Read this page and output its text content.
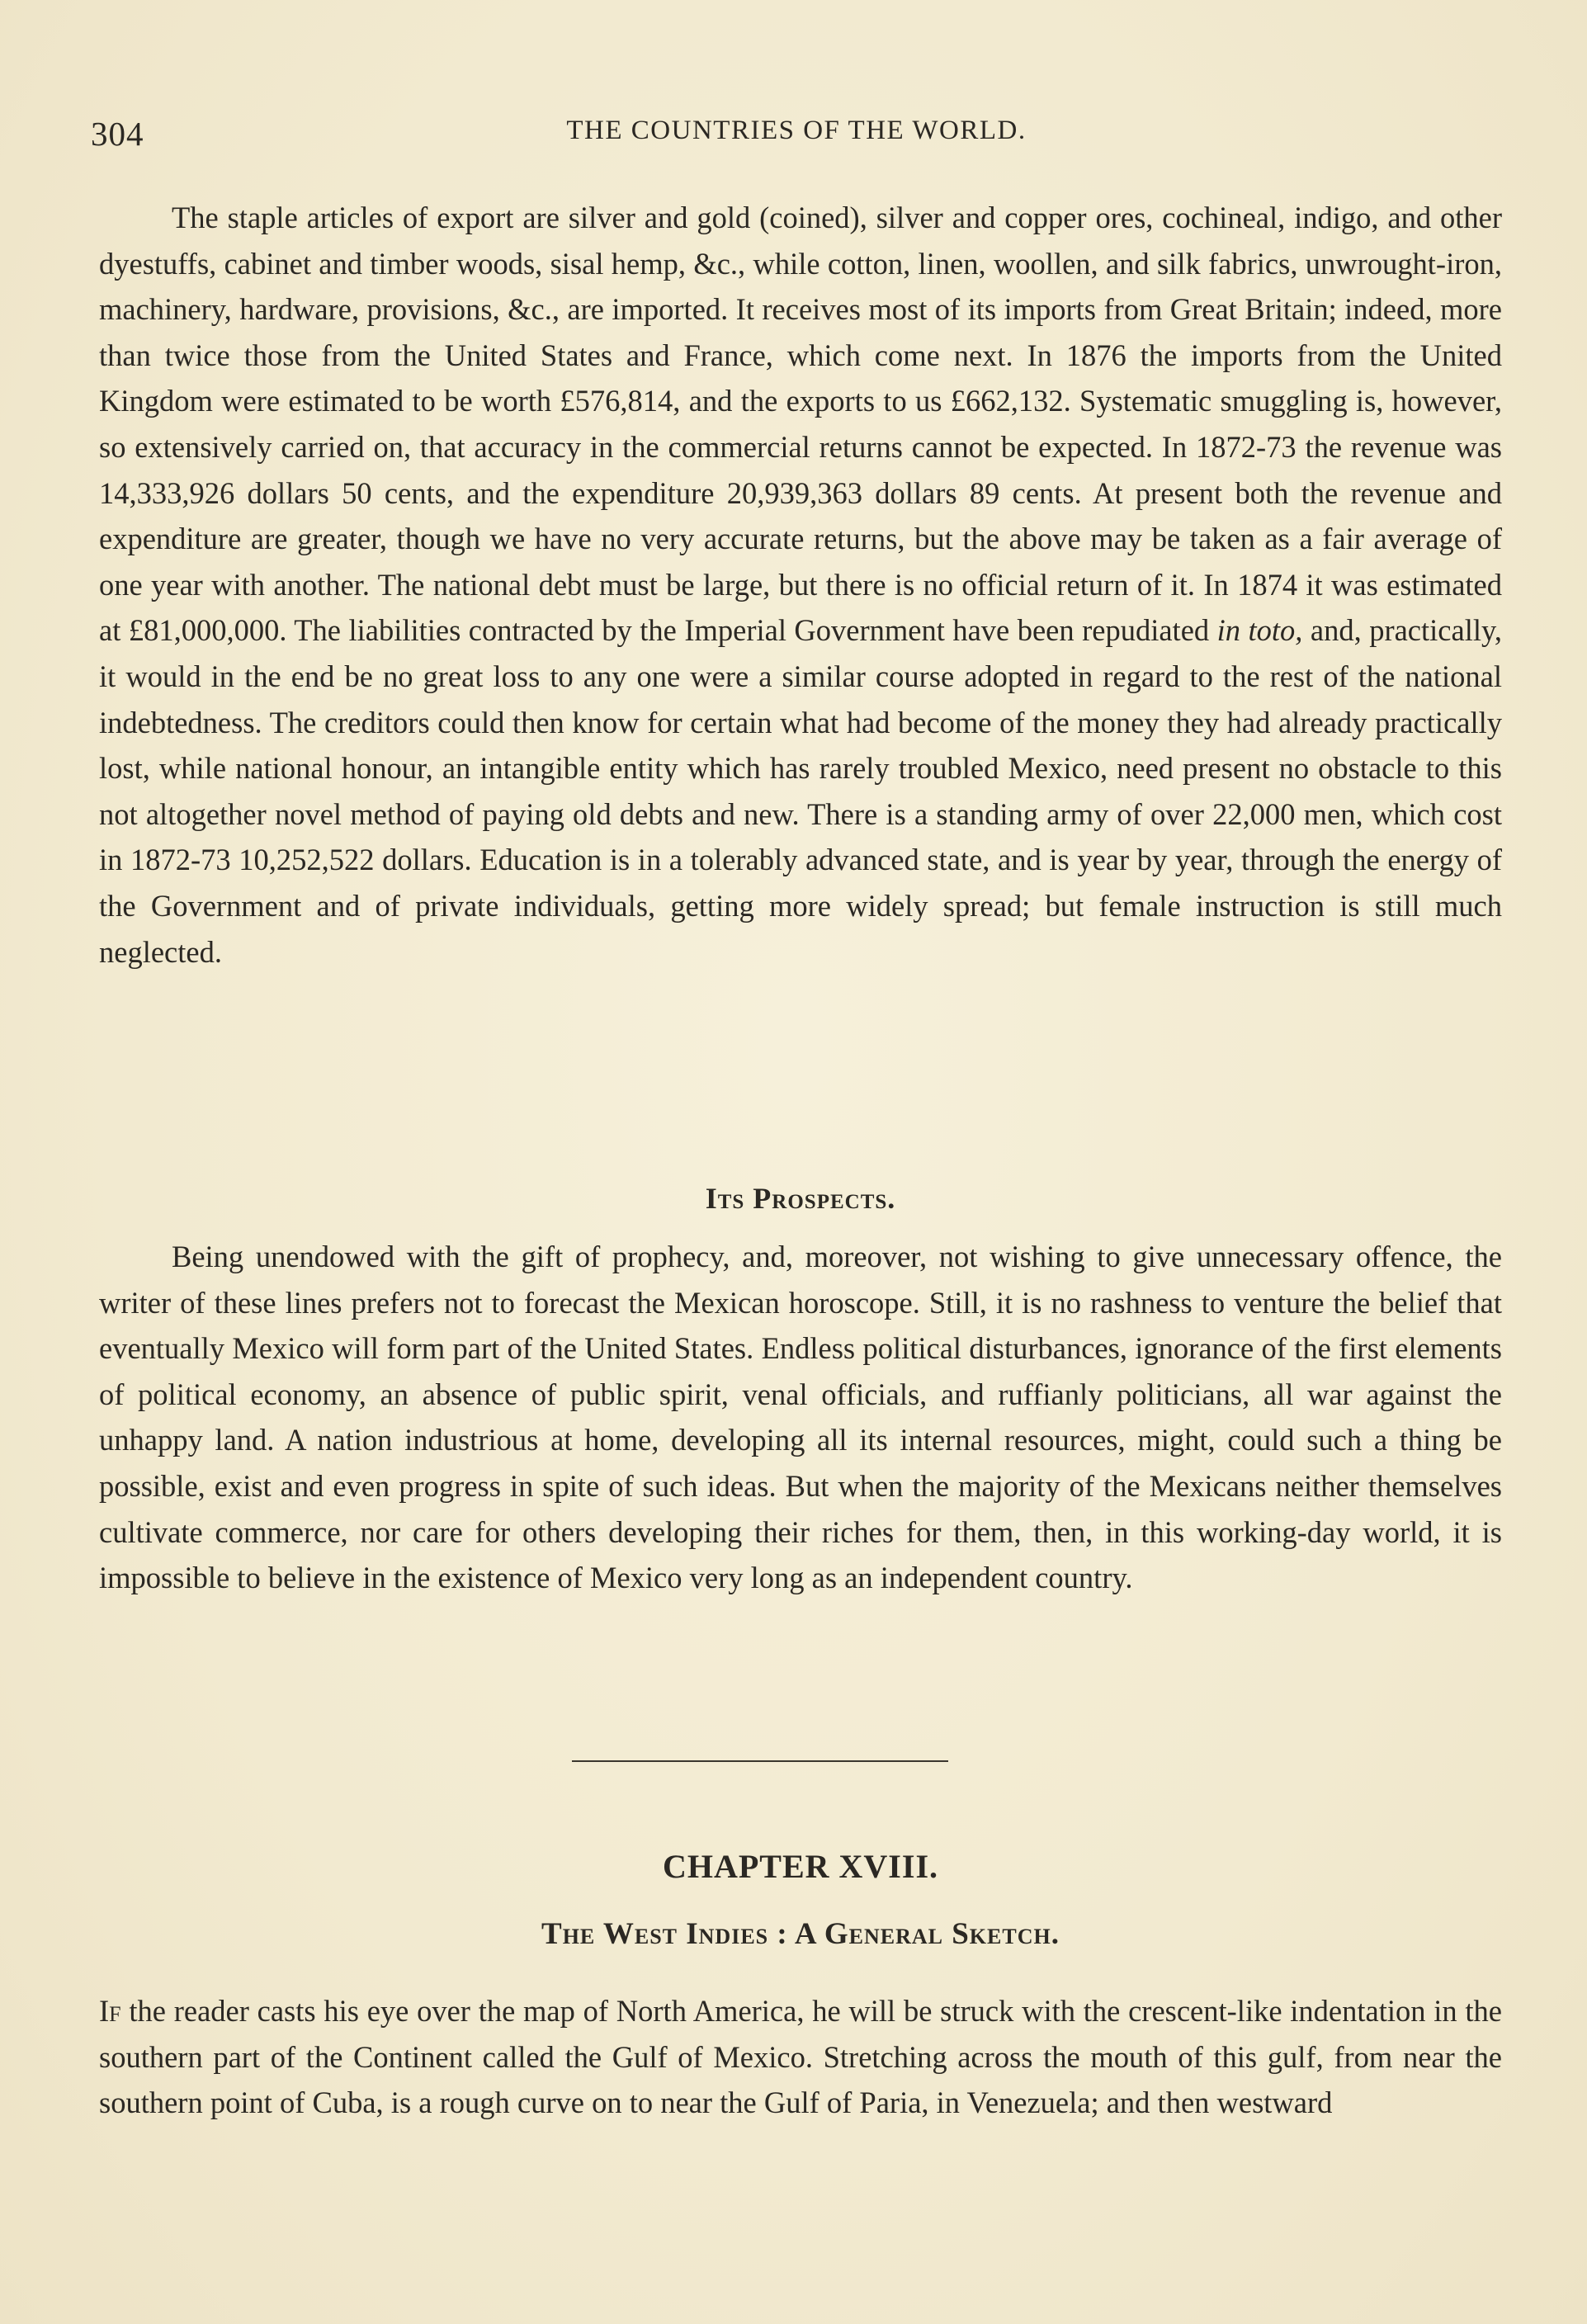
304	THE COUNTRIES OF THE WORLD.

The staple articles of export are silver and gold (coined), silver and copper ores, cochineal, indigo, and other dyestuffs, cabinet and timber woods, sisal hemp, &c., while cotton, linen, woollen, and silk fabrics, unwrought-iron, machinery, hardware, provisions, &c., are imported. It receives most of its imports from Great Britain; indeed, more than twice those from the United States and France, which come next. In 1876 the imports from the United Kingdom were estimated to be worth £576,814, and the exports to us £662,132. Systematic smuggling is, however, so extensively carried on, that accuracy in the commercial returns cannot be expected. In 1872-73 the revenue was 14,333,926 dollars 50 cents, and the expenditure 20,939,363 dollars 89 cents. At present both the revenue and expenditure are greater, though we have no very accurate returns, but the above may be taken as a fair average of one year with another. The national debt must be large, but there is no official return of it. In 1874 it was estimated at £81,000,000. The liabilities contracted by the Imperial Government have been repudiated in toto, and, practically, it would in the end be no great loss to any one were a similar course adopted in regard to the rest of the national indebtedness. The creditors could then know for certain what had become of the money they had already practically lost, while national honour, an intangible entity which has rarely troubled Mexico, need present no obstacle to this not altogether novel method of paying old debts and new. There is a standing army of over 22,000 men, which cost in 1872-73 10,252,522 dollars. Education is in a tolerably advanced state, and is year by year, through the energy of the Government and of private individuals, getting more widely spread; but female instruction is still much neglected.

Its Prospects.

Being unendowed with the gift of prophecy, and, moreover, not wishing to give unnecessary offence, the writer of these lines prefers not to forecast the Mexican horoscope. Still, it is no rashness to venture the belief that eventually Mexico will form part of the United States. Endless political disturbances, ignorance of the first elements of political economy, an absence of public spirit, venal officials, and ruffianly politicians, all war against the unhappy land. A nation industrious at home, developing all its internal resources, might, could such a thing be possible, exist and even progress in spite of such ideas. But when the majority of the Mexicans neither themselves cultivate commerce, nor care for others developing their riches for them, then, in this working-day world, it is impossible to believe in the existence of Mexico very long as an independent country.

CHAPTER XVIII.
The West Indies : A General Sketch.

If the reader casts his eye over the map of North America, he will be struck with the crescent-like indentation in the southern part of the Continent called the Gulf of Mexico. Stretching across the mouth of this gulf, from near the southern point of Cuba, is a rough curve on to near the Gulf of Paria, in Venezuela; and then westward
